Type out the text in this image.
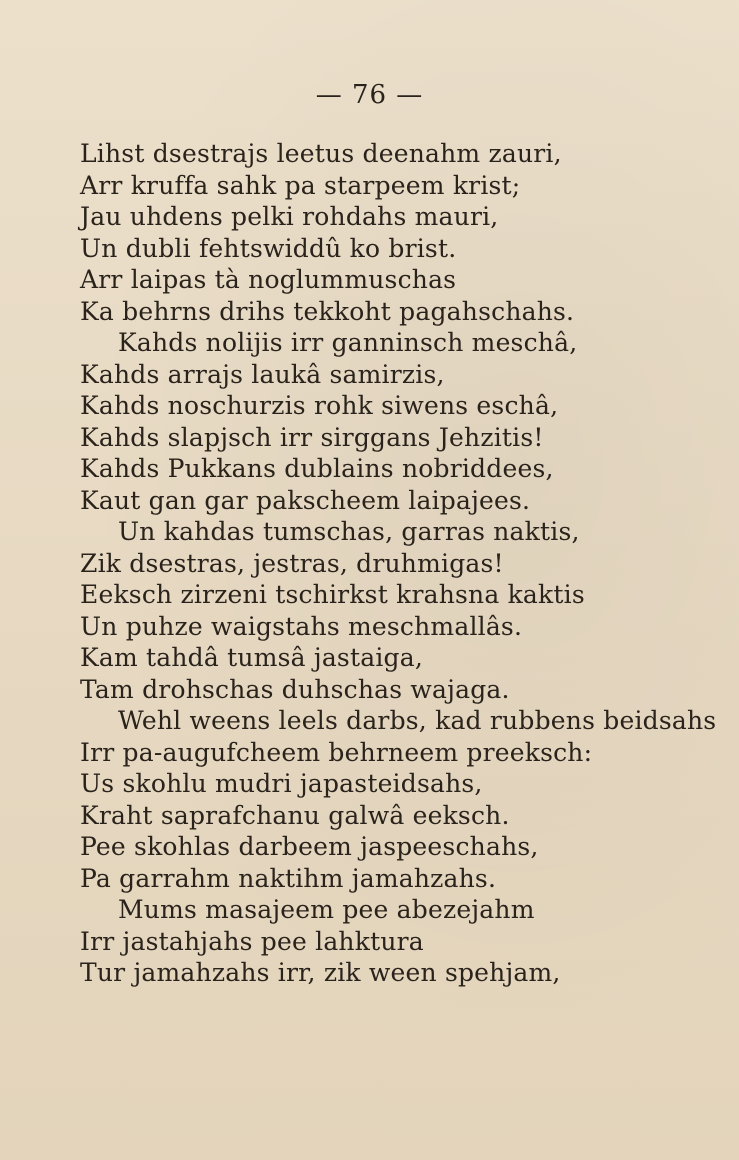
— 76 —
Lihst dsestrajs leetus deenahm zauri,
Arr kruffa sahk pa starpeem krist;
Jau uhdens pelki rohdahs mauri,
Un dubli fehtswiddû ko brist.
Arr laipas tà noglummuschas
Ka behrns drihs tekkoht pagahschahs.
Kahds nolijis irr ganninsch meschâ,
Kahds arrajs laukâ samirzis,
Kahds noschurzis rohk siwens eschâ,
Kahds slapjsch irr sirggans Jehzitis!
Kahds Pukkans dublains nobriddees,
Kaut gan gar pakscheem laipajees.
Un kahdas tumschas, garras naktis,
Zik dsestras, jestras, druhmigas!
Eeksch zirzeni tschirkst krahsna kaktis
Un puhze waigstahs meschmallâs.
Kam tahdâ tumsâ jastaiga,
Tam drohschas duhschas wajaga.
Wehl weens leels darbs, kad rubbens beidsahs
Irr pa-augufcheem behrneem preeksch:
Us skohlu mudri japasteidsahs,
Kraht saprafchanu galwâ eeksch.
Pee skohlas darbeem jaspeeschahs,
Pa garrahm naktihm jamahzahs.
Mums masajeem pee abezejahm
Irr jastahjahs pee lahktura
Tur jamahzahs irr, zik ween spehjam,
